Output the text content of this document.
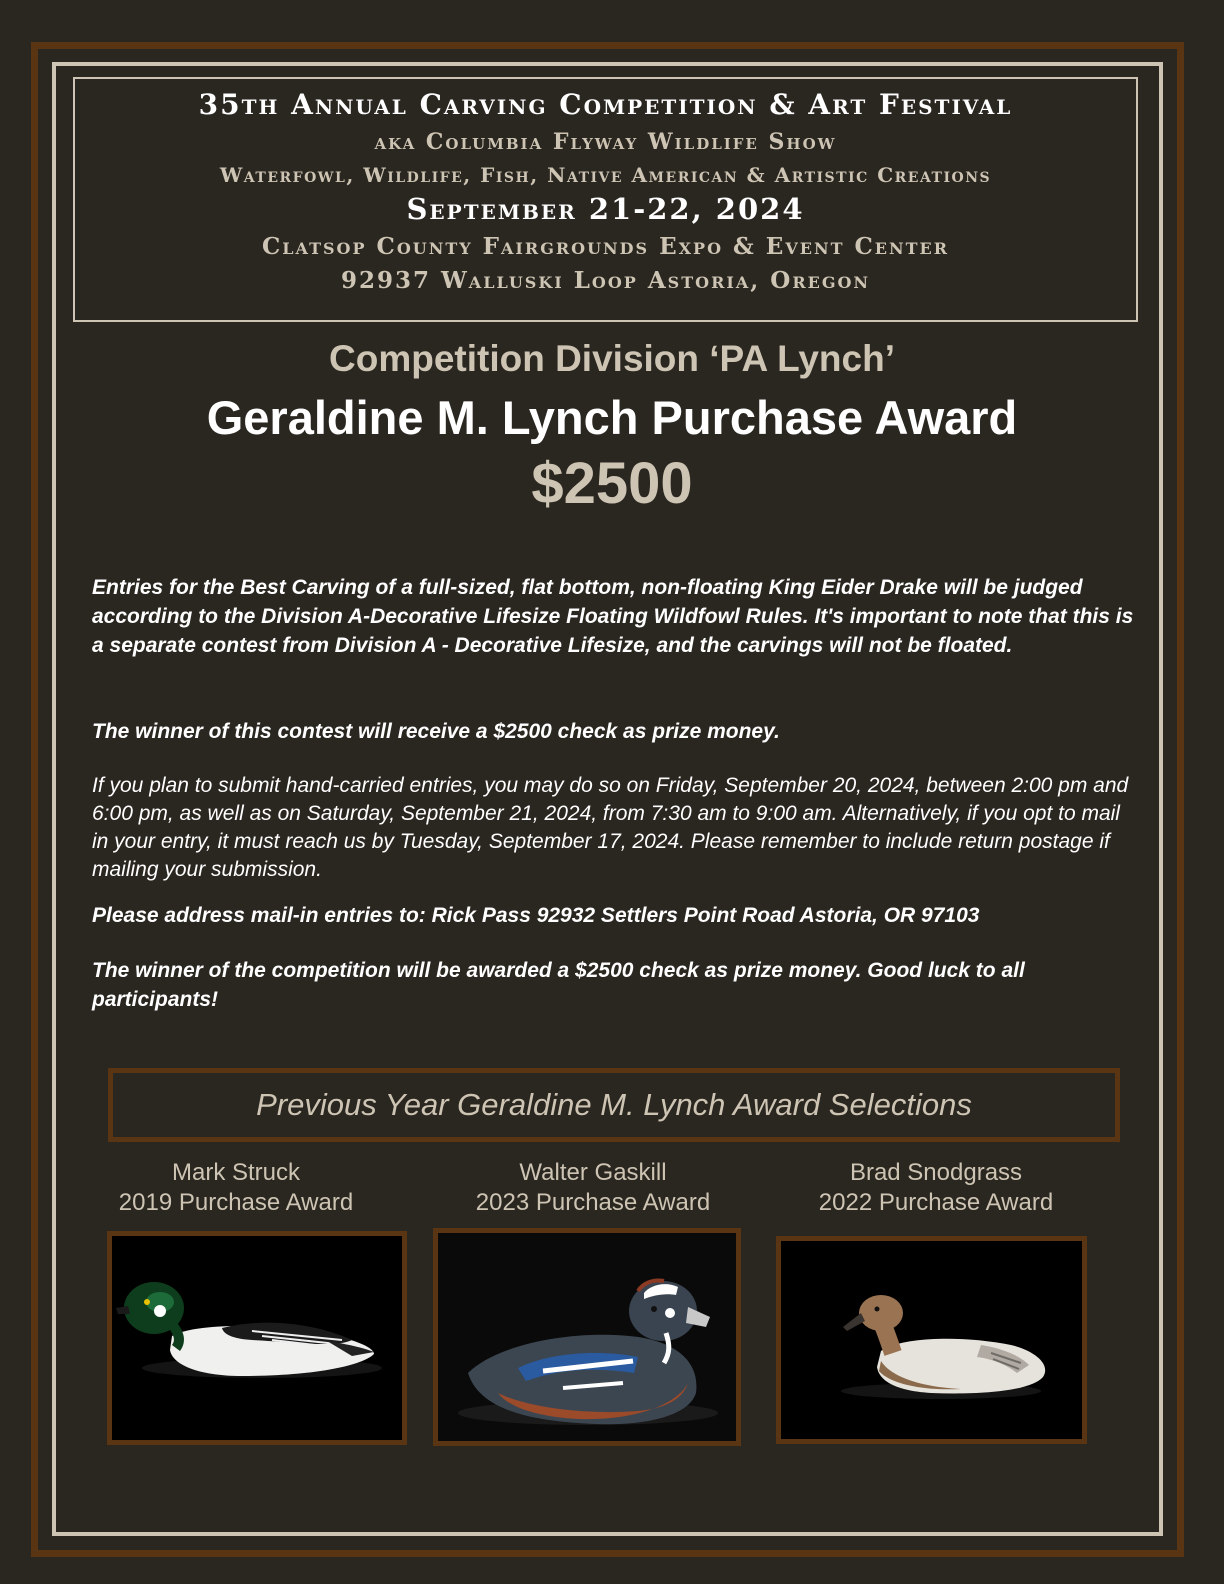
35th Annual Carving Competition & Art Festival
aka Columbia Flyway Wildlife Show
Waterfowl, Wildlife, Fish, Native American & Artistic Creations
September 21-22, 2024
Clatsop County Fairgrounds Expo & Event Center
92937 Walluski Loop Astoria, Oregon
Competition Division ‘PA Lynch’
Geraldine M. Lynch Purchase Award
$2500

Entries for the Best Carving of a full-sized, flat bottom, non-floating King Eider Drake will be judged according to the Division A-Decorative Lifesize Floating Wildfowl Rules. It's important to note that this is a separate contest from Division A - Decorative Lifesize, and the carvings will not be floated.

The winner of this contest will receive a $2500 check as prize money.

If you plan to submit hand-carried entries, you may do so on Friday, September 20, 2024, between 2:00 pm and 6:00 pm, as well as on Saturday, September 21, 2024, from 7:30 am to 9:00 am. Alternatively, if you opt to mail in your entry, it must reach us by Tuesday, September 17, 2024. Please remember to include return postage if mailing your submission.

Please address mail-in entries to: Rick Pass 92932 Settlers Point Road Astoria, OR 97103

The winner of the competition will be awarded a $2500 check as prize money. Good luck to all participants!

Previous Year Geraldine M. Lynch Award Selections
Mark Struck
2019 Purchase Award
Walter Gaskill
2023 Purchase Award
Brad Snodgrass
2022 Purchase Award
